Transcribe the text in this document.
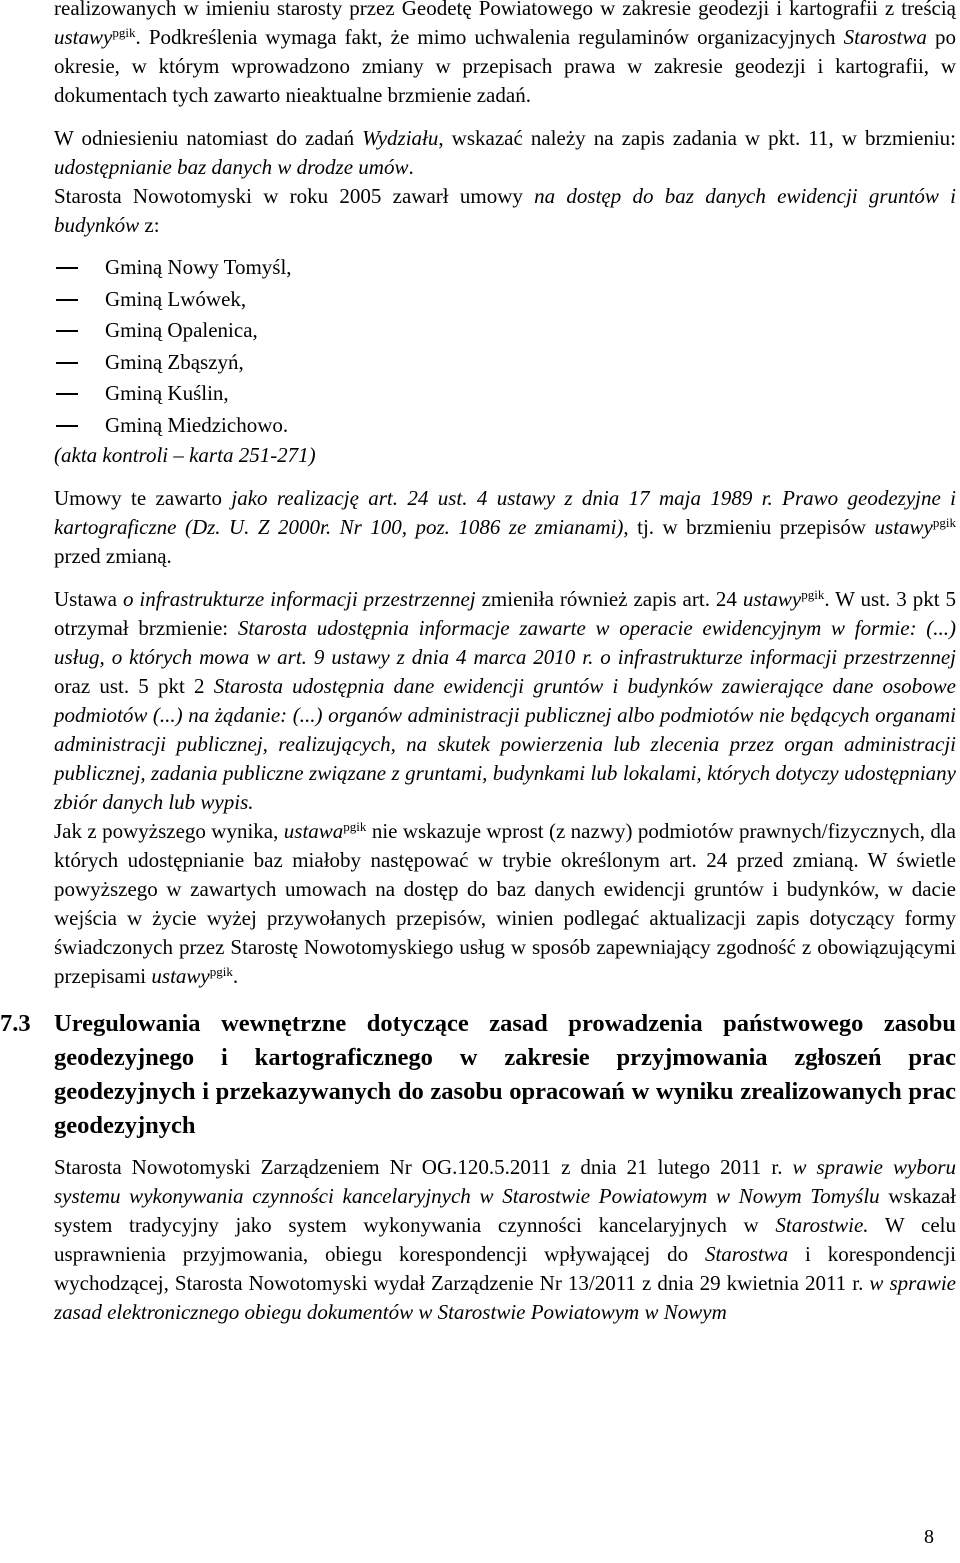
realizowanych w imieniu starosty przez Geodetę Powiatowego w zakresie geodezji i kartografii z treścią ustawy$^{pgik}$. Podkreślenia wymaga fakt, że mimo uchwalenia regulaminów organizacyjnych Starostwa po okresie, w którym wprowadzono zmiany w przepisach prawa w zakresie geodezji i kartografii, w dokumentach tych zawarto nieaktualne brzmienie zadań.

W odniesieniu natomiast do zadań Wydziału, wskazać należy na zapis zadania w pkt. 11, w brzmieniu: udostępnianie baz danych w drodze umów.

Starosta Nowotomyski w roku 2005 zawarł umowy na dostęp do baz danych ewidencji gruntów i budynków z:

Gminą Nowy Tomyśl,
Gminą Lwówek,
Gminą Opalenica,
Gminą Zbąszyń,
Gminą Kuślin,
Gminą Miedzichowo.

(akta kontroli – karta 251-271)

Umowy te zawarto jako realizację art. 24 ust. 4 ustawy z dnia 17 maja 1989 r. Prawo geodezyjne i kartograficzne (Dz. U. Z 2000r. Nr 100, poz. 1086 ze zmianami), tj. w brzmieniu przepisów ustawy$^{pgik}$ przed zmianą.

Ustawa o infrastrukturze informacji przestrzennej zmieniła również zapis art. 24 ustawy$^{pgik}$. W ust. 3 pkt 5 otrzymał brzmienie: Starosta udostępnia informacje zawarte w operacie ewidencyjnym w formie: (...) usług, o których mowa w art. 9 ustawy z dnia 4 marca 2010 r. o infrastrukturze informacji przestrzennej oraz ust. 5 pkt 2 Starosta udostępnia dane ewidencji gruntów i budynków zawierające dane osobowe podmiotów (...) na żądanie: (...) organów administracji publicznej albo podmiotów nie będących organami administracji publicznej, realizujących, na skutek powierzenia lub zlecenia przez organ administracji publicznej, zadania publiczne związane z gruntami, budynkami lub lokalami, których dotyczy udostępniany zbiór danych lub wypis.

Jak z powyższego wynika, ustawa$^{pgik}$ nie wskazuje wprost (z nazwy) podmiotów prawnych/fizycznych, dla których udostępnianie baz miałoby następować w trybie określonym art. 24 przed zmianą. W świetle powyższego w zawartych umowach na dostęp do baz danych ewidencji gruntów i budynków, w dacie wejścia w życie wyżej przywołanych przepisów, winien podlegać aktualizacji zapis dotyczący formy świadczonych przez Starostę Nowotomyskiego usług w sposób zapewniający zgodność z obowiązującymi przepisami ustawy$^{pgik}$.

7.3 Uregulowania wewnętrzne dotyczące zasad prowadzenia państwowego zasobu geodezyjnego i kartograficznego w zakresie przyjmowania zgłoszeń prac geodezyjnych i przekazywanych do zasobu opracowań w wyniku zrealizowanych prac geodezyjnych

Starosta Nowotomyski Zarządzeniem Nr OG.120.5.2011 z dnia 21 lutego 2011 r. w sprawie wyboru systemu wykonywania czynności kancelaryjnych w Starostwie Powiatowym w Nowym Tomyślu wskazał system tradycyjny jako system wykonywania czynności kancelaryjnych w Starostwie. W celu usprawnienia przyjmowania, obiegu korespondencji wpływającej do Starostwa i korespondencji wychodzącej, Starosta Nowotomyski wydał Zarządzenie Nr 13/2011 z dnia 29 kwietnia 2011 r. w sprawie zasad elektronicznego obiegu dokumentów w Starostwie Powiatowym w Nowym

8
